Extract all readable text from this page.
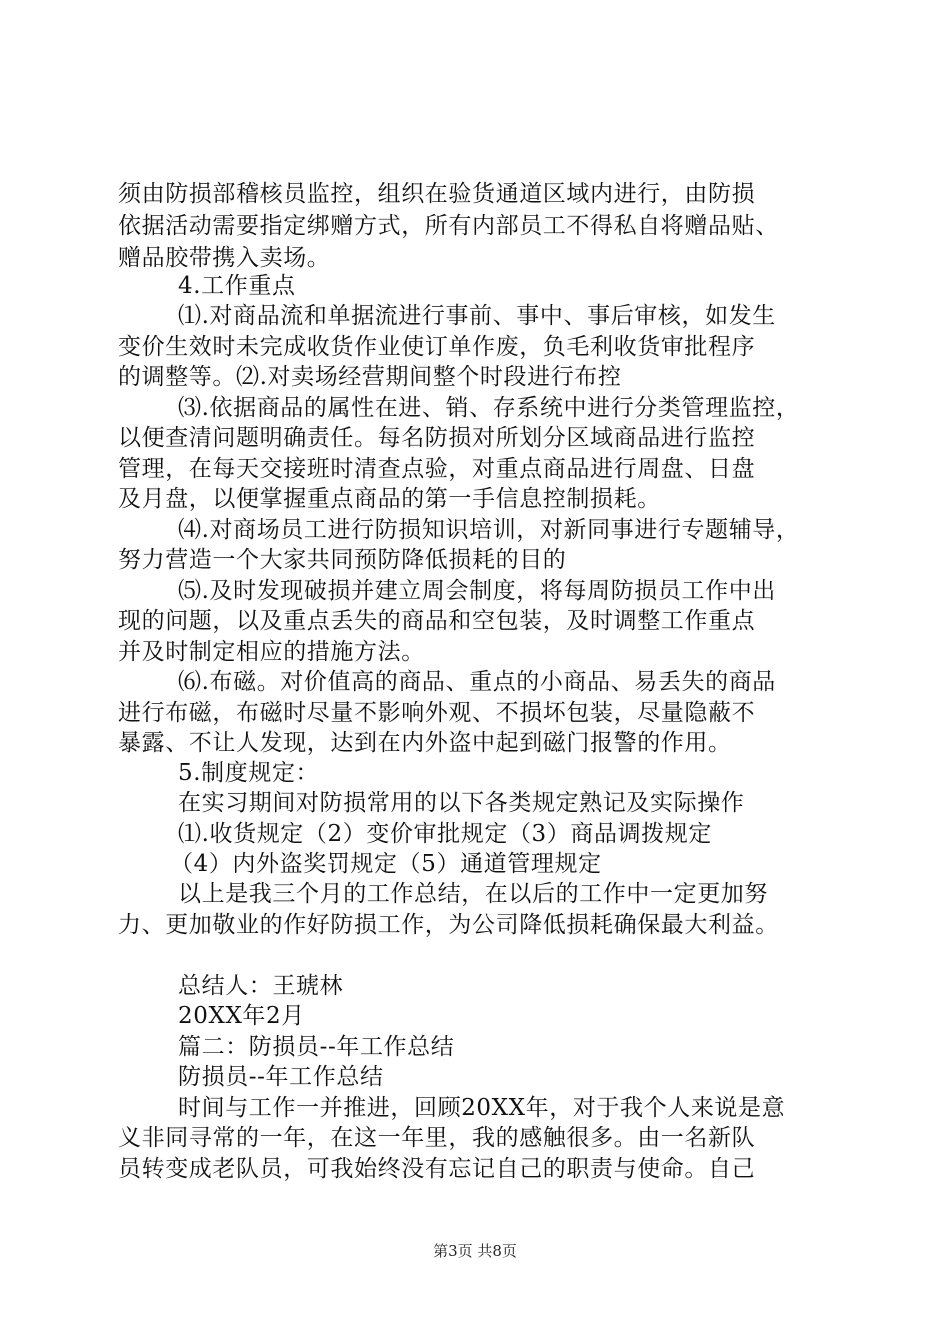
须由防损部稽核员监控，组织在验货通道区域内进行，由防损
依据活动需要指定绑赠方式，所有内部员工不得私自将赠品贴、
赠品胶带携入卖场。
4.工作重点
⑴.对商品流和单据流进行事前、事中、事后审核，如发生
变价生效时未完成收货作业使订单作废，负毛利收货审批程序
的调整等。⑵.对卖场经营期间整个时段进行布控
⑶.依据商品的属性在进、销、存系统中进行分类管理监控，
以便查清问题明确责任。每名防损对所划分区域商品进行监控
管理，在每天交接班时清查点验，对重点商品进行周盘、日盘
及月盘，以便掌握重点商品的第一手信息控制损耗。
⑷.对商场员工进行防损知识培训，对新同事进行专题辅导，
努力营造一个大家共同预防降低损耗的目的
⑸.及时发现破损并建立周会制度，将每周防损员工作中出
现的问题，以及重点丢失的商品和空包装，及时调整工作重点
并及时制定相应的措施方法。
⑹.布磁。对价值高的商品、重点的小商品、易丢失的商品
进行布磁，布磁时尽量不影响外观、不损坏包装，尽量隐蔽不
暴露、不让人发现，达到在内外盗中起到磁门报警的作用。
5.制度规定：
在实习期间对防损常用的以下各类规定熟记及实际操作
⑴.收货规定（2）变价审批规定（3）商品调拨规定
（4）内外盗奖罚规定（5）通道管理规定
以上是我三个月的工作总结，在以后的工作中一定更加努
力、更加敬业的作好防损工作，为公司降低损耗确保最大利益。
总结人：王琥林
20XX年2月
篇二：防损员--年工作总结
防损员--年工作总结
时间与工作一并推进，回顾20XX年，对于我个人来说是意
义非同寻常的一年，在这一年里，我的感触很多。由一名新队
员转变成老队员，可我始终没有忘记自己的职责与使命。自己
第3页 共8页
